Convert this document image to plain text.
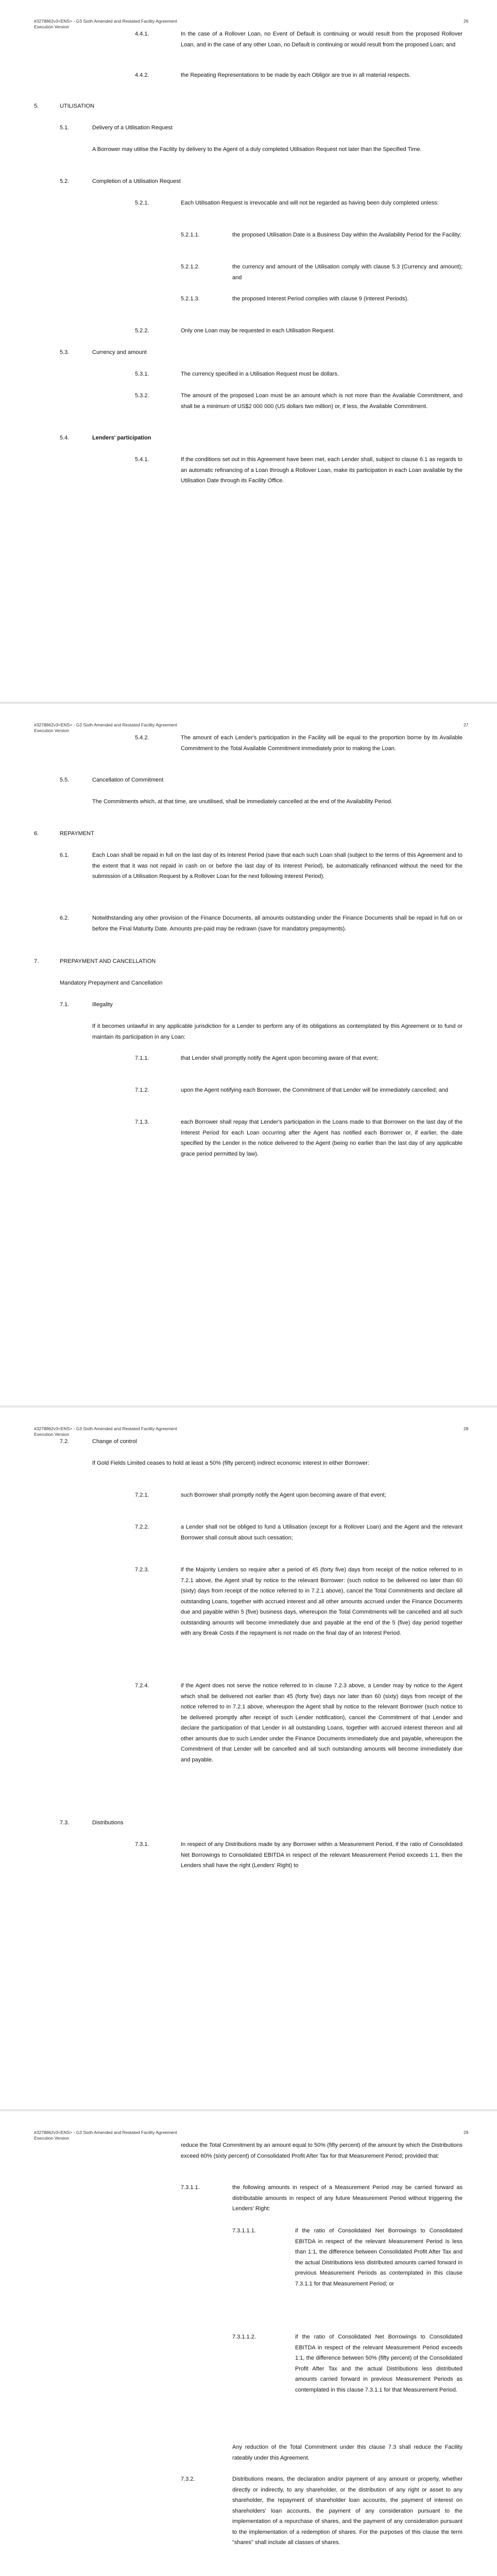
#3278862v3<ENS> - G3 Sixth Amended and Restated Facility Agreement
Execution Version
26
4.4.1.	In the case of a Rollover Loan, no Event of Default is continuing or would result from the proposed Rollover Loan, and in the case of any other Loan, no Default is continuing or would result from the proposed Loan; and
4.4.2.	the Repeating Representations to be made by each Obligor are true in all material respects.
5.	UTILISATION
5.1.	Delivery of a Utilisation Request
A Borrower may utilise the Facility by delivery to the Agent of a duly completed Utilisation Request not later than the Specified Time.
5.2.	Completion of a Utilisation Request
5.2.1.	Each Utilisation Request is irrevocable and will not be regarded as having been duly completed unless:
5.2.1.1.	the proposed Utilisation Date is a Business Day within the Availability Period for the Facility;
5.2.1.2.	the currency and amount of the Utilisation comply with clause 5.3 (Currency and amount); and
5.2.1.3.	the proposed Interest Period complies with clause 9 (Interest Periods).
5.2.2.	Only one Loan may be requested in each Utilisation Request.
5.3.	Currency and amount
5.3.1.	The currency specified in a Utilisation Request must be dollars.
5.3.2.	The amount of the proposed Loan must be an amount which is not more than the Available Commitment, and shall be a minimum of US$2 000 000 (US dollars two million) or, if less, the Available Commitment.
5.4.	Lenders' participation
5.4.1.	If the conditions set out in this Agreement have been met, each Lender shall, subject to clause 6.1 as regards to an automatic refinancing of a Loan through a Rollover Loan, make its participation in each Loan available by the Utilisation Date through its Facility Office.
#3278862v3<ENS> - G3 Sixth Amended and Restated Facility Agreement
Execution Version
27
5.4.2.	The amount of each Lender's participation in the Facility will be equal to the proportion borne by its Available Commitment to the Total Available Commitment immediately prior to making the Loan.
5.5.	Cancellation of Commitment
The Commitments which, at that time, are unutilised, shall be immediately cancelled at the end of the Availability Period.
6.	REPAYMENT
6.1.	Each Loan shall be repaid in full on the last day of its Interest Period (save that each such Loan shall (subject to the terms of this Agreement and to the extent that it was not repaid in cash on or before the last day of its Interest Period), be automatically refinanced without the need for the submission of a Utilisation Request by a Rollover Loan for the next following Interest Period).
6.2.	Notwithstanding any other provision of the Finance Documents, all amounts outstanding under the Finance Documents shall be repaid in full on or before the Final Maturity Date. Amounts pre-paid may be redrawn (save for mandatory prepayments).
7.	PREPAYMENT AND CANCELLATION
Mandatory Prepayment and Cancellation
7.1.	Illegality
If it becomes unlawful in any applicable jurisdiction for a Lender to perform any of its obligations as contemplated by this Agreement or to fund or maintain its participation in any Loan:
7.1.1.	that Lender shall promptly notify the Agent upon becoming aware of that event;
7.1.2.	upon the Agent notifying each Borrower, the Commitment of that Lender will be immediately cancelled; and
7.1.3.	each Borrower shall repay that Lender's participation in the Loans made to that Borrower on the last day of the Interest Period for each Loan occurring after the Agent has notified each Borrower or, if earlier, the date specified by the Lender in the notice delivered to the Agent (being no earlier than the last day of any applicable grace period permitted by law).
#3278862v3<ENS> - G3 Sixth Amended and Restated Facility Agreement
Execution Version
28
7.2.	Change of control
If Gold Fields Limited ceases to hold at least a 50% (fifty percent) indirect economic interest in either Borrower:
7.2.1.	such Borrower shall promptly notify the Agent upon becoming aware of that event;
7.2.2.	a Lender shall not be obliged to fund a Utilisation (except for a Rollover Loan) and the Agent and the relevant Borrower shall consult about such cessation;
7.2.3.	if the Majority Lenders so require after a period of 45 (forty five) days from receipt of the notice referred to in 7.2.1 above, the Agent shall by notice to the relevant Borrower: (such notice to be delivered no later than 60 (sixty) days from receipt of the notice referred to in 7.2.1 above), cancel the Total Commitments and declare all outstanding Loans, together with accrued interest and all other amounts accrued under the Finance Documents due and payable within 5 (five) business days, whereupon the Total Commitments will be cancelled and all such outstanding amounts will become immediately due and payable at the end of the 5 (five) day period together with any Break Costs if the repayment is not made on the final day of an Interest Period.
7.2.4.	if the Agent does not serve the notice referred to in clause 7.2.3 above, a Lender may by notice to the Agent which shall be delivered not earlier than 45 (forty five) days nor later than 60 (sixty) days from receipt of the notice referred to in 7.2.1 above, whereupon the Agent shall by notice to the relevant Borrower (such notice to be delivered promptly after receipt of such Lender notification), cancel the Commitment of that Lender and declare the participation of that Lender in all outstanding Loans, together with accrued interest thereon and all other amounts due to such Lender under the Finance Documents immediately due and payable, whereupon the Commitment of that Lender will be cancelled and all such outstanding amounts will become immediately due and payable.
7.3.	Distributions
7.3.1.	In respect of any Distributions made by any Borrower within a Measurement Period, if the ratio of Consolidated Net Borrowings to Consolidated EBITDA in respect of the relevant Measurement Period exceeds 1:1, then the Lenders shall have the right (Lenders' Right) to
#3278862v3<ENS> - G3 Sixth Amended and Restated Facility Agreement
Execution Version
29
reduce the Total Commitment by an amount equal to 50% (fifty percent) of the amount by which the Distributions exceed 60% (sixty percent) of Consolidated Profit After Tax for that Measurement Period; provided that:
7.3.1.1.	the following amounts in respect of a Measurement Period may be carried forward as distributable amounts in respect of any future Measurement Period without triggering the Lenders' Right:
7.3.1.1.1.	if the ratio of Consolidated Net Borrowings to Consolidated EBITDA in respect of the relevant Measurement Period is less than 1:1, the difference between Consolidated Profit After Tax and the actual Distributions less distributed amounts carried forward in previous Measurement Periods as contemplated in this clause 7.3.1.1 for that Measurement Period; or
7.3.1.1.2.	if the ratio of Consolidated Net Borrowings to Consolidated EBITDA in respect of the relevant Measurement Period exceeds 1:1, the difference between 50% (fifty percent) of the Consolidated Profit After Tax and the actual Distributions less distributed amounts carried forward in previous Measurement Periods as contemplated in this clause 7.3.1.1 for that Measurement Period.
Any reduction of the Total Commitment under this clause 7.3 shall reduce the Facility rateably under this Agreement.
7.3.2.	Distributions means, the declaration and/or payment of any amount or property, whether directly or indirectly, to any shareholder, or the distribution of any right or asset to any shareholder, the repayment of shareholder loan accounts, the payment of interest on shareholders' loan accounts, the payment of any consideration pursuant to the implementation of a repurchase of shares, and the payment of any consideration pursuant to the implementation of a redemption of shares. For the purposes of this clause the term "shares" shall include all classes of shares.
